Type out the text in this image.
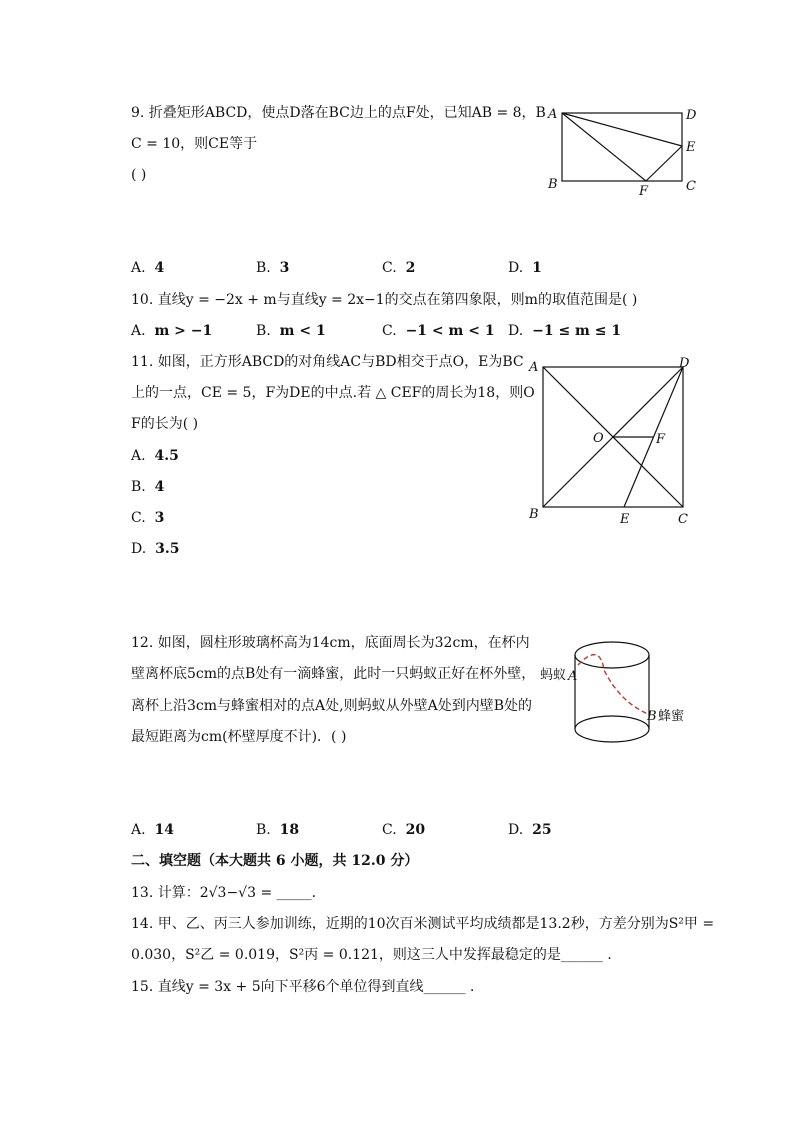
9. 折叠矩形ABCD，使点D落在BC边上的点F处，已知AB = 8，B
C = 10，则CE等于
( )
A	D
E
B	C
F
A. 4	B. 3	C. 2	D. 1
10. 直线y = −2x + m与直线y = 2x−1的交点在第四象限，则m的取值范围是( )
A. m > −1	B. m < 1	C. −1 < m < 1 D. −1 ≤ m ≤ 1
11. 如图，正方形ABCD的对角线AC与BD相交于点O，E为BC
上的一点，CE = 5，F为DE的中点.若 △ CEF的周长为18，则O
F的长为( )
A. 4.5
B. 4
C. 3
D. 3.5
A	D
O	F
B	E	C
12. 如图，圆柱形玻璃杯高为14cm，底面周长为32cm，在杯内
壁离杯底5cm的点B处有一滴蜂蜜，此时一只蚂蚁正好在杯外壁，
离杯上沿3cm与蜂蜜相对的点A处,则蚂蚁从外壁A处到内壁B处的
最短距离为cm(杯壁厚度不计)．( )
蚂蚁 A
B 蜂蜜
A. 14	B. 18	C. 20	D. 25
二、填空题（本大题共 6 小题，共 12.0 分）
13. 计算：2√3−√3 = _____．
14. 甲、乙、丙三人参加训练，近期的10次百米测试平均成绩都是13.2秒，方差分别为S²甲 =
0.030，S²乙 = 0.019，S²丙 = 0.121，则这三人中发挥最稳定的是______ ．
15. 直线y = 3x + 5向下平移6个单位得到直线______ ．
